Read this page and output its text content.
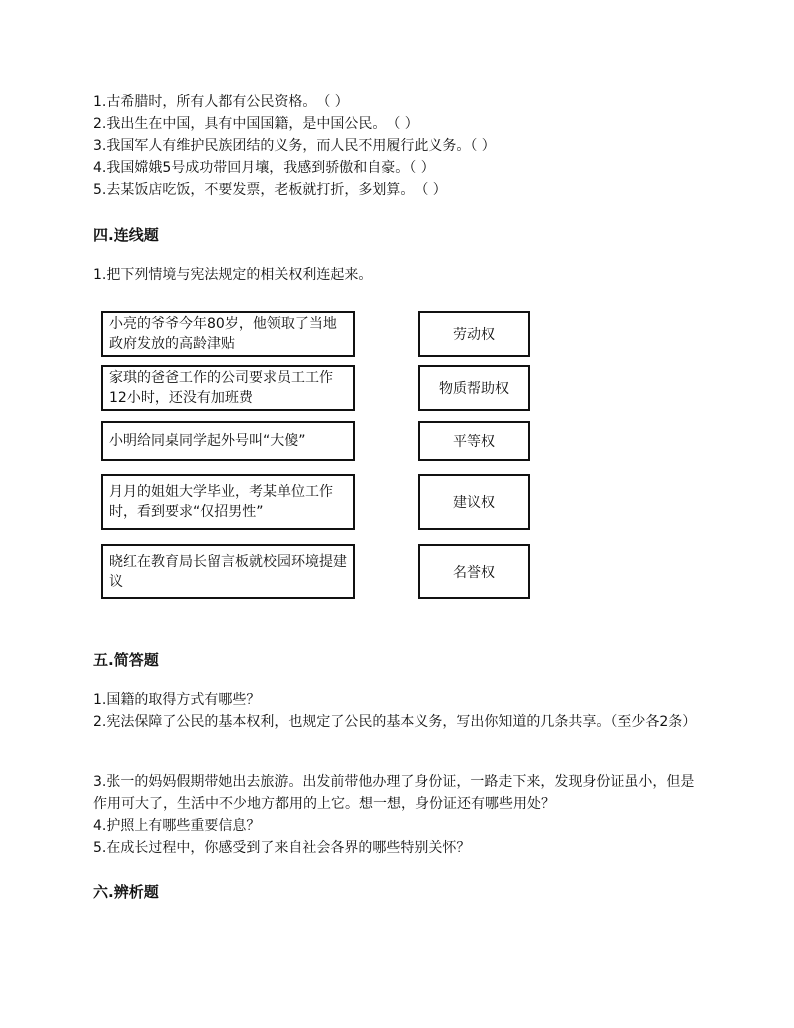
1.古希腊时，所有人都有公民资格。　（ ）
2.我出生在中国，具有中国国籍，是中国公民。　（ ）
3.我国军人有维护民族团结的义务，而人民不用履行此义务。（ ）
4.我国嫦娥5号成功带回月壤，我感到骄傲和自豪。（ ）
5.去某饭店吃饭，不要发票，老板就打折，多划算。　（ ）
四.连线题
1.把下列情境与宪法规定的相关权利连起来。
小亮的爷爷今年80岁，他领取了当地政府发放的高龄津贴
家琪的爸爸工作的公司要求员工工作12小时，还没有加班费
小明给同桌同学起外号叫“大傻”
月月的姐姐大学毕业，考某单位工作时，看到要求“仅招男性”
晓红在教育局长留言板就校园环境提建议
劳动权
物质帮助权
平等权
建议权
名誉权
五.简答题
1.国籍的取得方式有哪些？
2.宪法保障了公民的基本权利，也规定了公民的基本义务，写出你知道的几条共享。（至少各2条）
3.张一的妈妈假期带她出去旅游。出发前带他办理了身份证，一路走下来，发现身份证虽小，但是作用可大了，生活中不少地方都用的上它。想一想，身份证还有哪些用处？
4.护照上有哪些重要信息？
5.在成长过程中，你感受到了来自社会各界的哪些特别关怀？
六.辨析题
